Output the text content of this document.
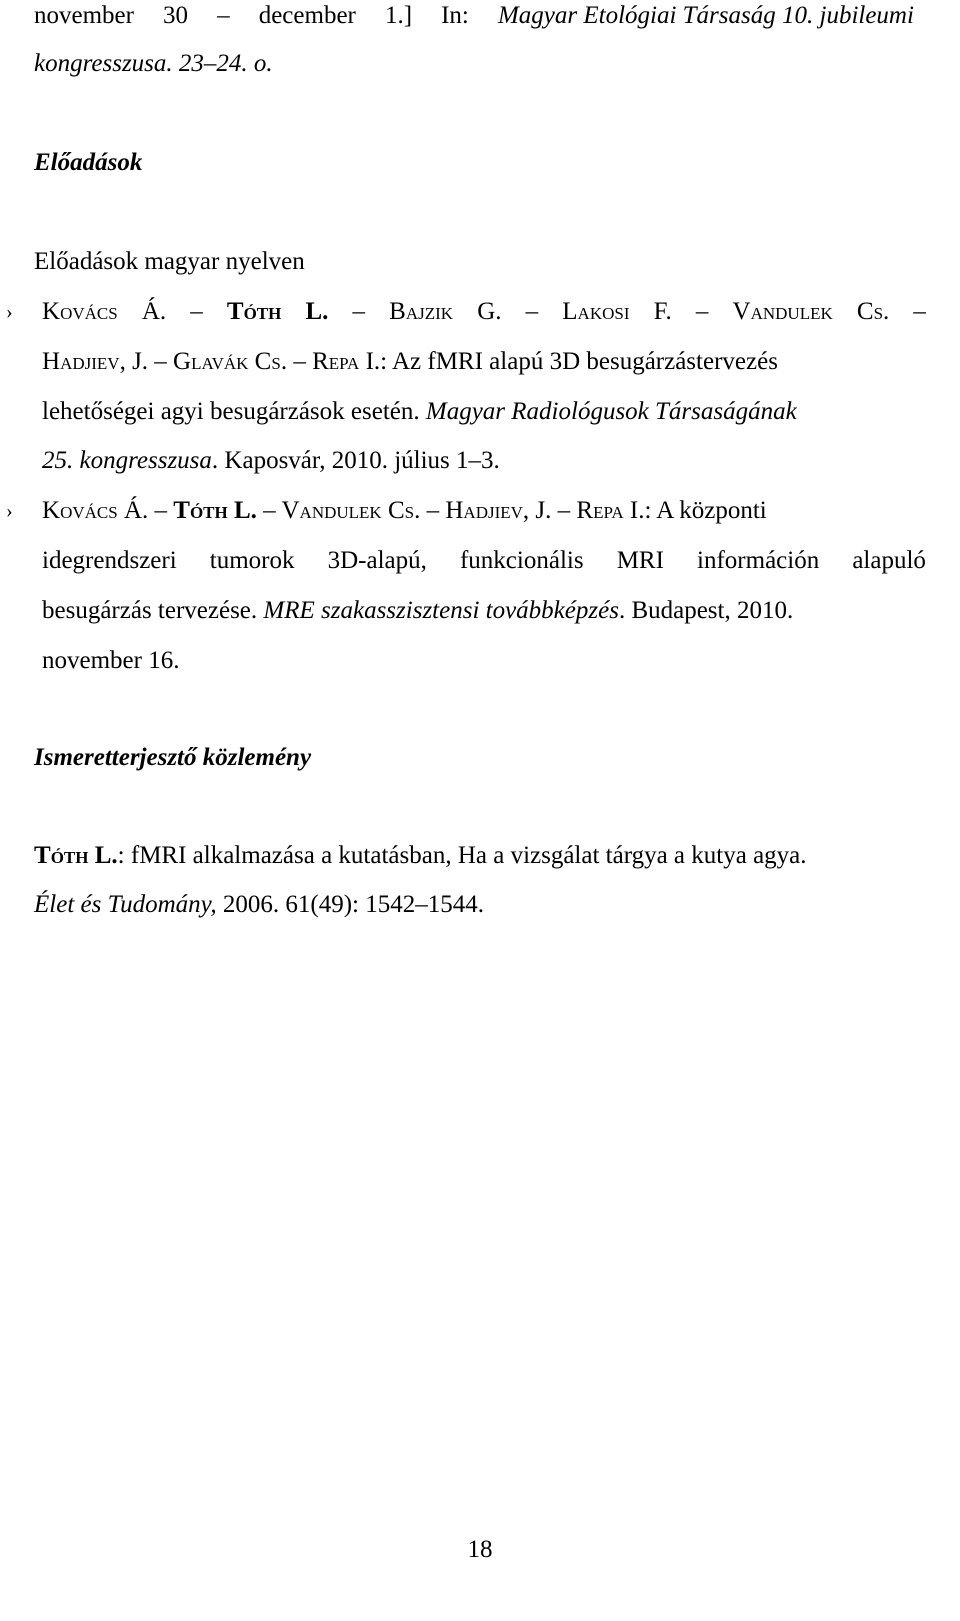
november 30 – december 1.] In: Magyar Etológiai Társaság 10. jubileumi
kongresszusa. 23–24. o.
Előadások
Előadások magyar nyelven
› KOVÁCS Á. – TÓTH L. – BAJZIK G. – LAKOSI F. – VANDULEK CS. –
HADJIEV, J. – GLAVÁK CS. – REPA I.: Az fMRI alapú 3D besugárzástervezés
lehetőségei agyi besugárzások esetén. Magyar Radiológusok Társaságának
25. kongresszusa. Kaposvár, 2010. július 1–3.
› KOVÁCS Á. – TÓTH L. – VANDULEK CS. – HADJIEV, J. – REPA I.: A központi
idegrendszeri tumorok 3D-alapú, funkcionális MRI információn alapuló
besugárzás tervezése. MRE szakasszisztensi továbbképzés. Budapest, 2010.
november 16.
Ismeretterjesztő közlemény
TÓTH L.: fMRI alkalmazása a kutatásban, Ha a vizsgálat tárgya a kutya agya.
Élet és Tudomány, 2006. 61(49): 1542–1544.
18
